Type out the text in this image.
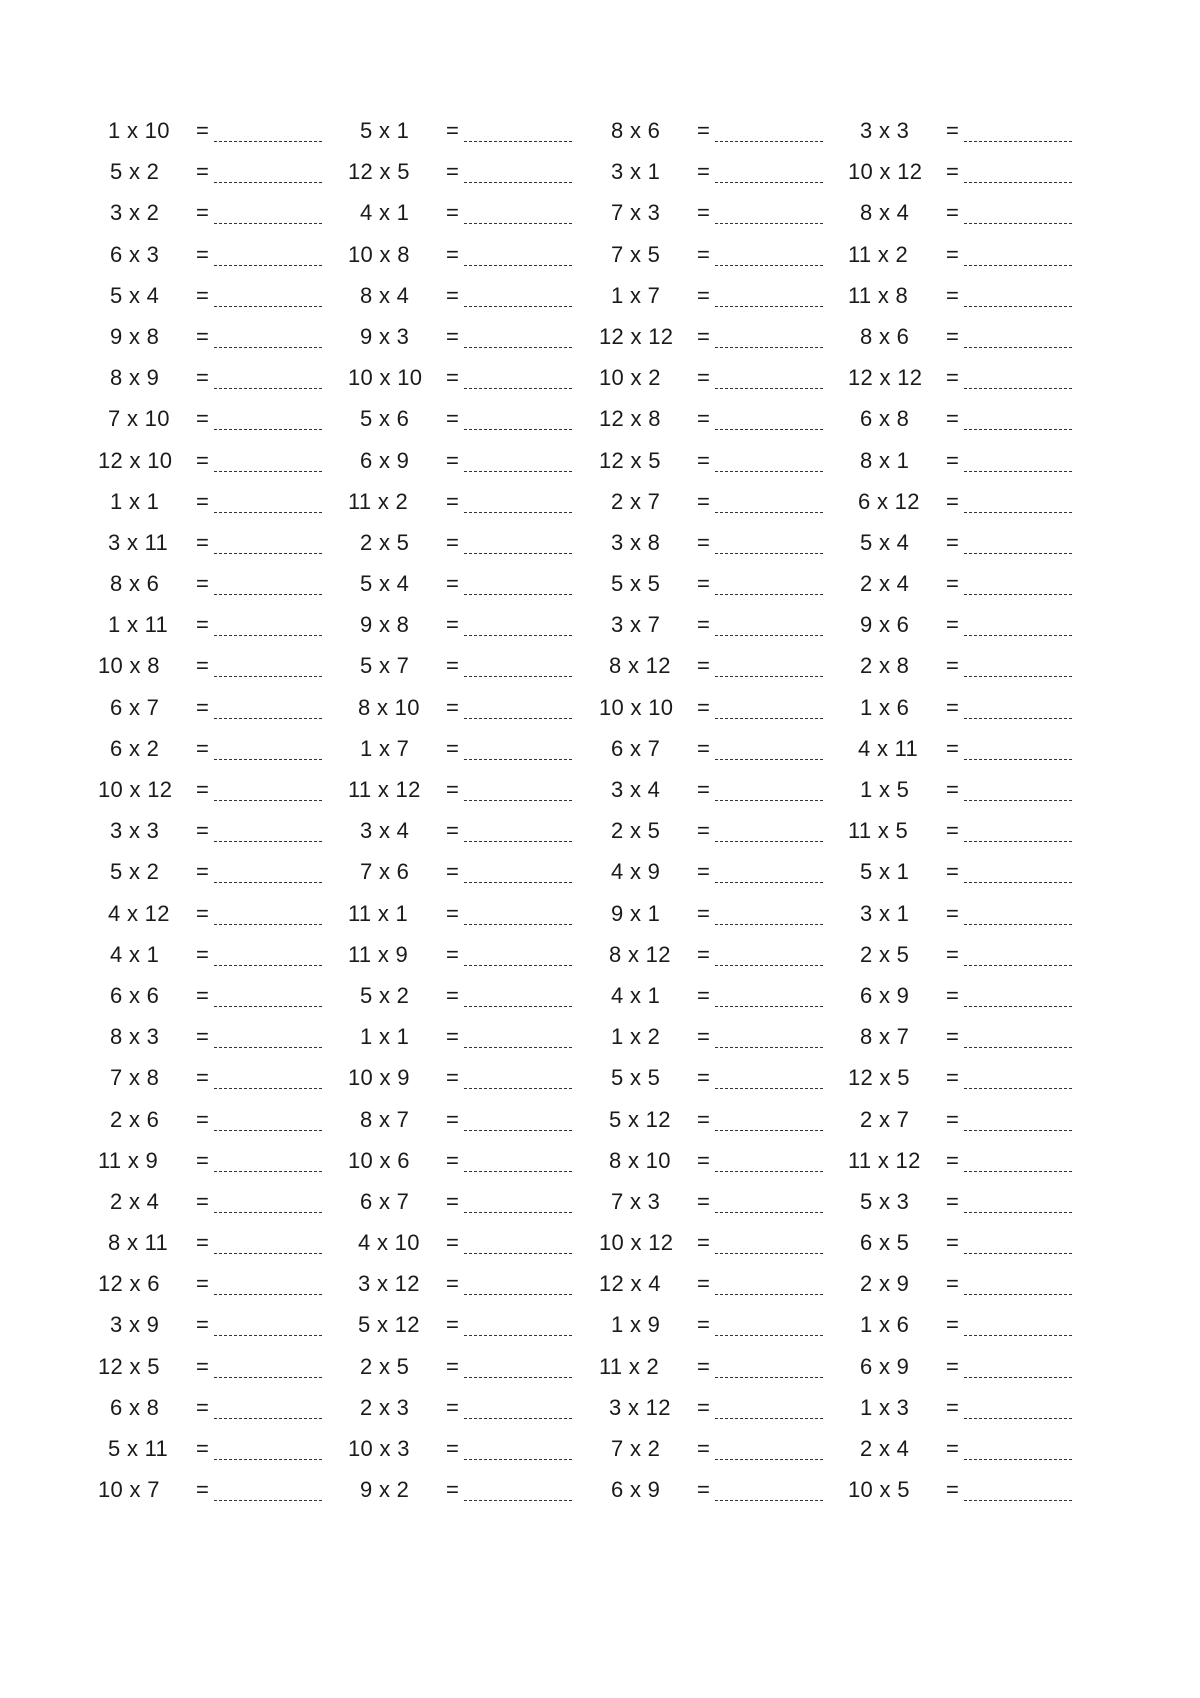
1 x 10 =
5 x 2 =
3 x 2 =
6 x 3 =
5 x 4 =
9 x 8 =
8 x 9 =
7 x 10 =
12 x 10 =
1 x 1 =
3 x 11 =
8 x 6 =
1 x 11 =
10 x 8 =
6 x 7 =
6 x 2 =
10 x 12 =
3 x 3 =
5 x 2 =
4 x 12 =
4 x 1 =
6 x 6 =
8 x 3 =
7 x 8 =
2 x 6 =
11 x 9 =
2 x 4 =
8 x 11 =
12 x 6 =
3 x 9 =
12 x 5 =
6 x 8 =
5 x 11 =
10 x 7 =
5 x 1 =
12 x 5 =
4 x 1 =
10 x 8 =
8 x 4 =
9 x 3 =
10 x 10 =
5 x 6 =
6 x 9 =
11 x 2 =
2 x 5 =
5 x 4 =
9 x 8 =
5 x 7 =
8 x 10 =
1 x 7 =
11 x 12 =
3 x 4 =
7 x 6 =
11 x 1 =
11 x 9 =
5 x 2 =
1 x 1 =
10 x 9 =
8 x 7 =
10 x 6 =
6 x 7 =
4 x 10 =
3 x 12 =
5 x 12 =
2 x 5 =
2 x 3 =
10 x 3 =
9 x 2 =
8 x 6 =
3 x 1 =
7 x 3 =
7 x 5 =
1 x 7 =
12 x 12 =
10 x 2 =
12 x 8 =
12 x 5 =
2 x 7 =
3 x 8 =
5 x 5 =
3 x 7 =
8 x 12 =
10 x 10 =
6 x 7 =
3 x 4 =
2 x 5 =
4 x 9 =
9 x 1 =
8 x 12 =
4 x 1 =
1 x 2 =
5 x 5 =
5 x 12 =
8 x 10 =
7 x 3 =
10 x 12 =
12 x 4 =
1 x 9 =
11 x 2 =
3 x 12 =
7 x 2 =
6 x 9 =
3 x 3 =
10 x 12 =
8 x 4 =
11 x 2 =
11 x 8 =
8 x 6 =
12 x 12 =
6 x 8 =
8 x 1 =
6 x 12 =
5 x 4 =
2 x 4 =
9 x 6 =
2 x 8 =
1 x 6 =
4 x 11 =
1 x 5 =
11 x 5 =
5 x 1 =
3 x 1 =
2 x 5 =
6 x 9 =
8 x 7 =
12 x 5 =
2 x 7 =
11 x 12 =
5 x 3 =
6 x 5 =
2 x 9 =
1 x 6 =
6 x 9 =
1 x 3 =
2 x 4 =
10 x 5 =
